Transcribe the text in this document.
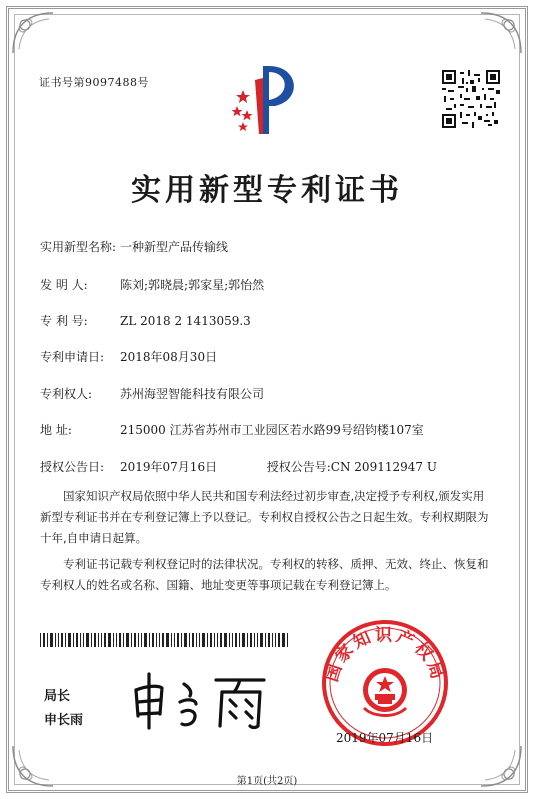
证书号第9097488号
实用新型专利证书
实用新型名称: 一种新型产品传输线
发 明 人:	陈刘;郭晓晨;郭家星;郭怡然
专 利 号:	ZL 2018 2 1413059.3
专利申请日: 2018年08月30日
专利权人: 苏州海翌智能科技有限公司
地 址:	215000 江苏省苏州市工业园区若水路99号绍钧楼107室
授权公告日: 2019年07月16日	授权公告号:CN 209112947 U
国家知识产权局依照中华人民共和国专利法经过初步审查,决定授予专利权,颁发实用新型专利证书并在专利登记簿上予以登记。专利权自授权公告之日起生效。专利权期限为十年,自申请日起算。
专利证书记载专利权登记时的法律状况。专利权的转移、质押、无效、终止、恢复和专利权人的姓名或名称、国籍、地址变更等事项记载在专利登记簿上。
局长
申长雨
国家知识产权局
2019年07月16日
第1页(共2页)
